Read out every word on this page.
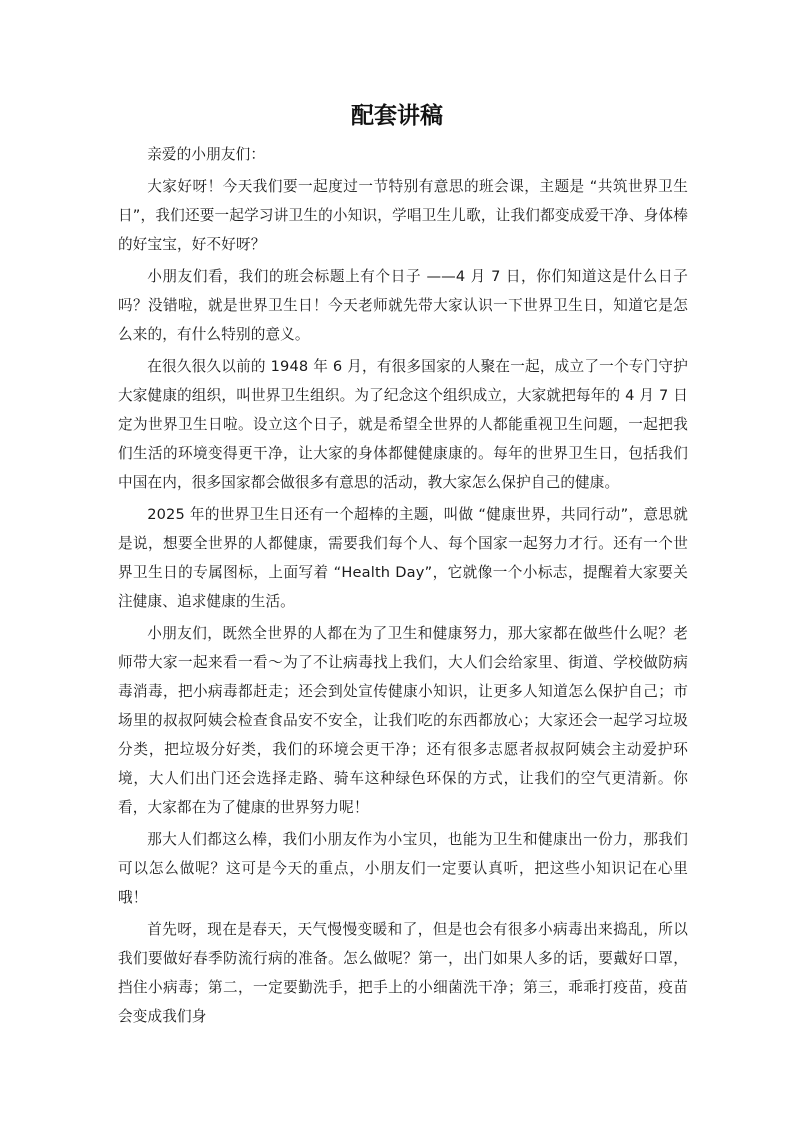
配套讲稿

亲爱的小朋友们：

大家好呀！今天我们要一起度过一节特别有意思的班会课，主题是 “共筑世界卫生日”，我们还要一起学习讲卫生的小知识，学唱卫生儿歌，让我们都变成爱干净、身体棒的好宝宝，好不好呀？

小朋友们看，我们的班会标题上有个日子 ——4 月 7 日，你们知道这是什么日子吗？没错啦，就是世界卫生日！今天老师就先带大家认识一下世界卫生日，知道它是怎么来的，有什么特别的意义。

在很久很久以前的 1948 年 6 月，有很多国家的人聚在一起，成立了一个专门守护大家健康的组织，叫世界卫生组织。为了纪念这个组织成立，大家就把每年的 4 月 7 日定为世界卫生日啦。设立这个日子，就是希望全世界的人都能重视卫生问题，一起把我们生活的环境变得更干净，让大家的身体都健健康康的。每年的世界卫生日，包括我们中国在内，很多国家都会做很多有意思的活动，教大家怎么保护自己的健康。

2025 年的世界卫生日还有一个超棒的主题，叫做 “健康世界，共同行动”，意思就是说，想要全世界的人都健康，需要我们每个人、每个国家一起努力才行。还有一个世界卫生日的专属图标，上面写着 “Health Day”，它就像一个小标志，提醒着大家要关注健康、追求健康的生活。

小朋友们，既然全世界的人都在为了卫生和健康努力，那大家都在做些什么呢？老师带大家一起来看一看～为了不让病毒找上我们，大人们会给家里、街道、学校做防病毒消毒，把小病毒都赶走；还会到处宣传健康小知识，让更多人知道怎么保护自己；市场里的叔叔阿姨会检查食品安不安全，让我们吃的东西都放心；大家还会一起学习垃圾分类，把垃圾分好类，我们的环境会更干净；还有很多志愿者叔叔阿姨会主动爱护环境，大人们出门还会选择走路、骑车这种绿色环保的方式，让我们的空气更清新。你看，大家都在为了健康的世界努力呢！

那大人们都这么棒，我们小朋友作为小宝贝，也能为卫生和健康出一份力，那我们可以怎么做呢？这可是今天的重点，小朋友们一定要认真听，把这些小知识记在心里哦！

首先呀，现在是春天，天气慢慢变暖和了，但是也会有很多小病毒出来捣乱，所以我们要做好春季防流行病的准备。怎么做呢？第一，出门如果人多的话，要戴好口罩，挡住小病毒；第二，一定要勤洗手，把手上的小细菌洗干净；第三，乖乖打疫苗，疫苗会变成我们身
